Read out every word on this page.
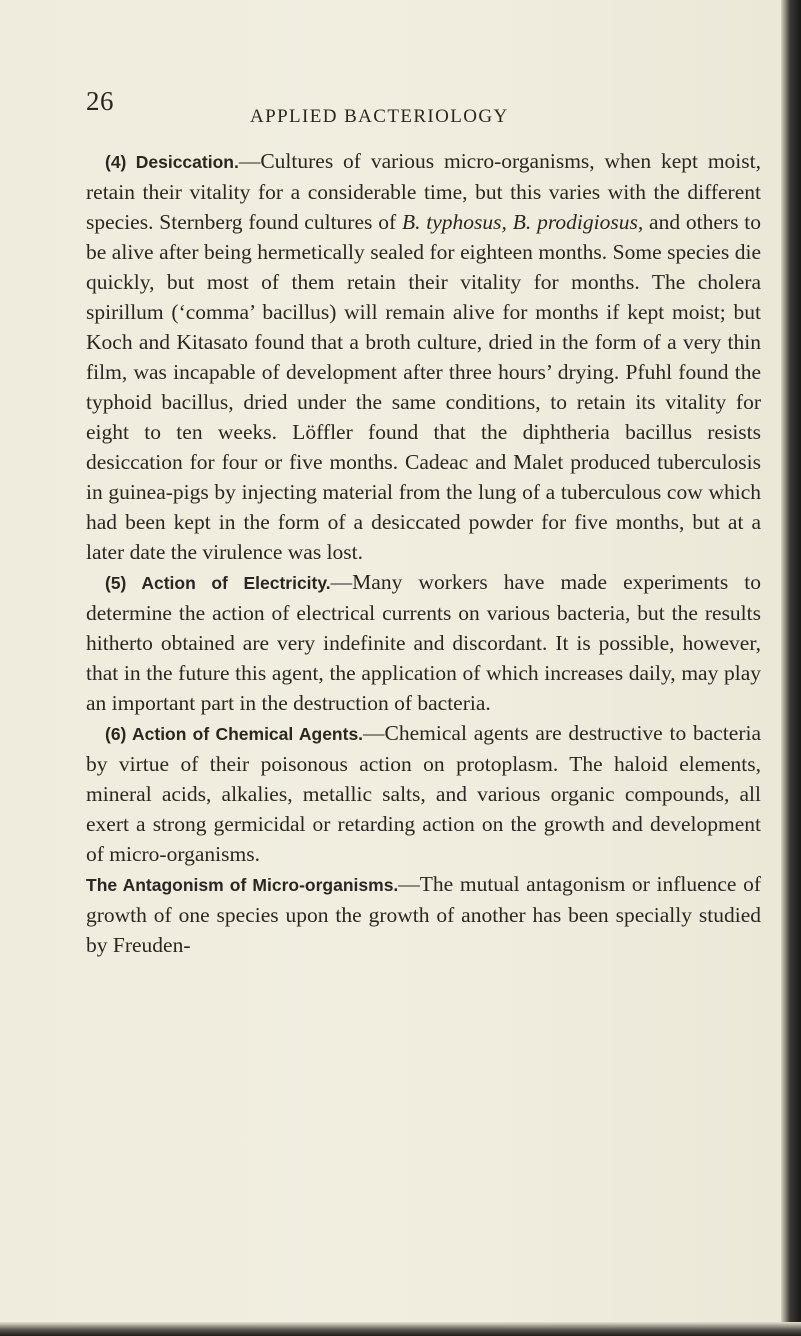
26
APPLIED BACTERIOLOGY

(4) Desiccation.—Cultures of various micro-organisms, when kept moist, retain their vitality for a considerable time, but this varies with the different species. Sternberg found cultures of B. typhosus, B. prodigiosus, and others to be alive after being hermetically sealed for eighteen months. Some species die quickly, but most of them retain their vitality for months. The cholera spirillum (‘comma’ bacillus) will remain alive for months if kept moist; but Koch and Kitasato found that a broth culture, dried in the form of a very thin film, was incapable of development after three hours’ drying. Pfuhl found the typhoid bacillus, dried under the same conditions, to retain its vitality for eight to ten weeks. Löffler found that the diphtheria bacillus resists desiccation for four or five months. Cadeac and Malet produced tuberculosis in guinea-pigs by injecting material from the lung of a tuberculous cow which had been kept in the form of a desiccated powder for five months, but at a later date the virulence was lost.

(5) Action of Electricity.—Many workers have made experiments to determine the action of electrical currents on various bacteria, but the results hitherto obtained are very indefinite and discordant. It is possible, however, that in the future this agent, the application of which increases daily, may play an important part in the destruction of bacteria.

(6) Action of Chemical Agents.—Chemical agents are destructive to bacteria by virtue of their poisonous action on protoplasm. The haloid elements, mineral acids, alkalies, metallic salts, and various organic compounds, all exert a strong germicidal or retarding action on the growth and development of micro-organisms.

The Antagonism of Micro-organisms.—The mutual antagonism or influence of growth of one species upon the growth of another has been specially studied by Freuden-
